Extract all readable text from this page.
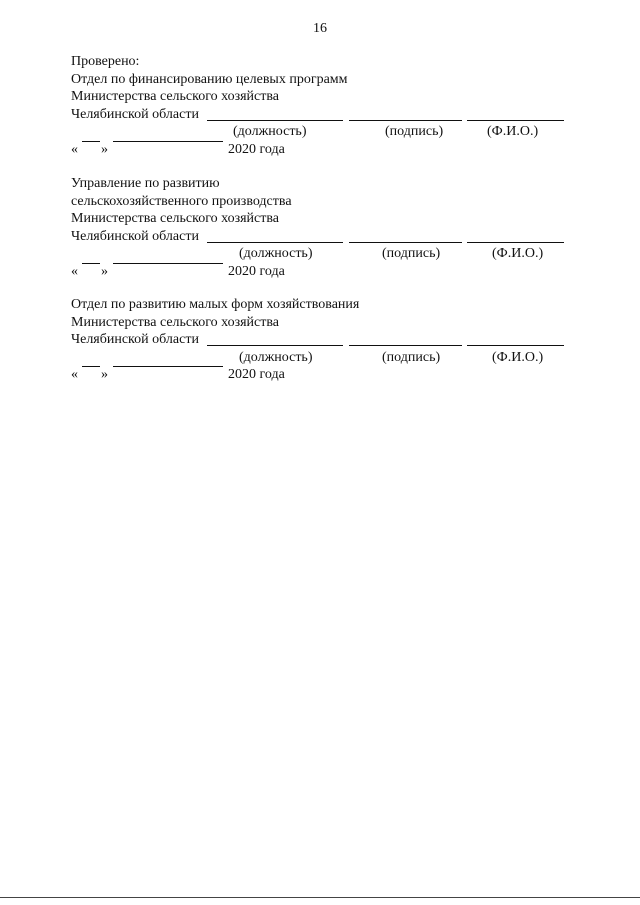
16
Проверено:
Отдел по финансированию целевых программ
Министерства сельского хозяйства
Челябинской области
(должность)	(подпись)	(Ф.И.О.)
« »	2020 года
Управление по развитию
сельскохозяйственного производства
Министерства сельского хозяйства
Челябинской области
(должность)	(подпись)	(Ф.И.О.)
« »	2020 года
Отдел по развитию малых форм хозяйствования
Министерства сельского хозяйства
Челябинской области
(должность)	(подпись)	(Ф.И.О.)
« »	2020 года
